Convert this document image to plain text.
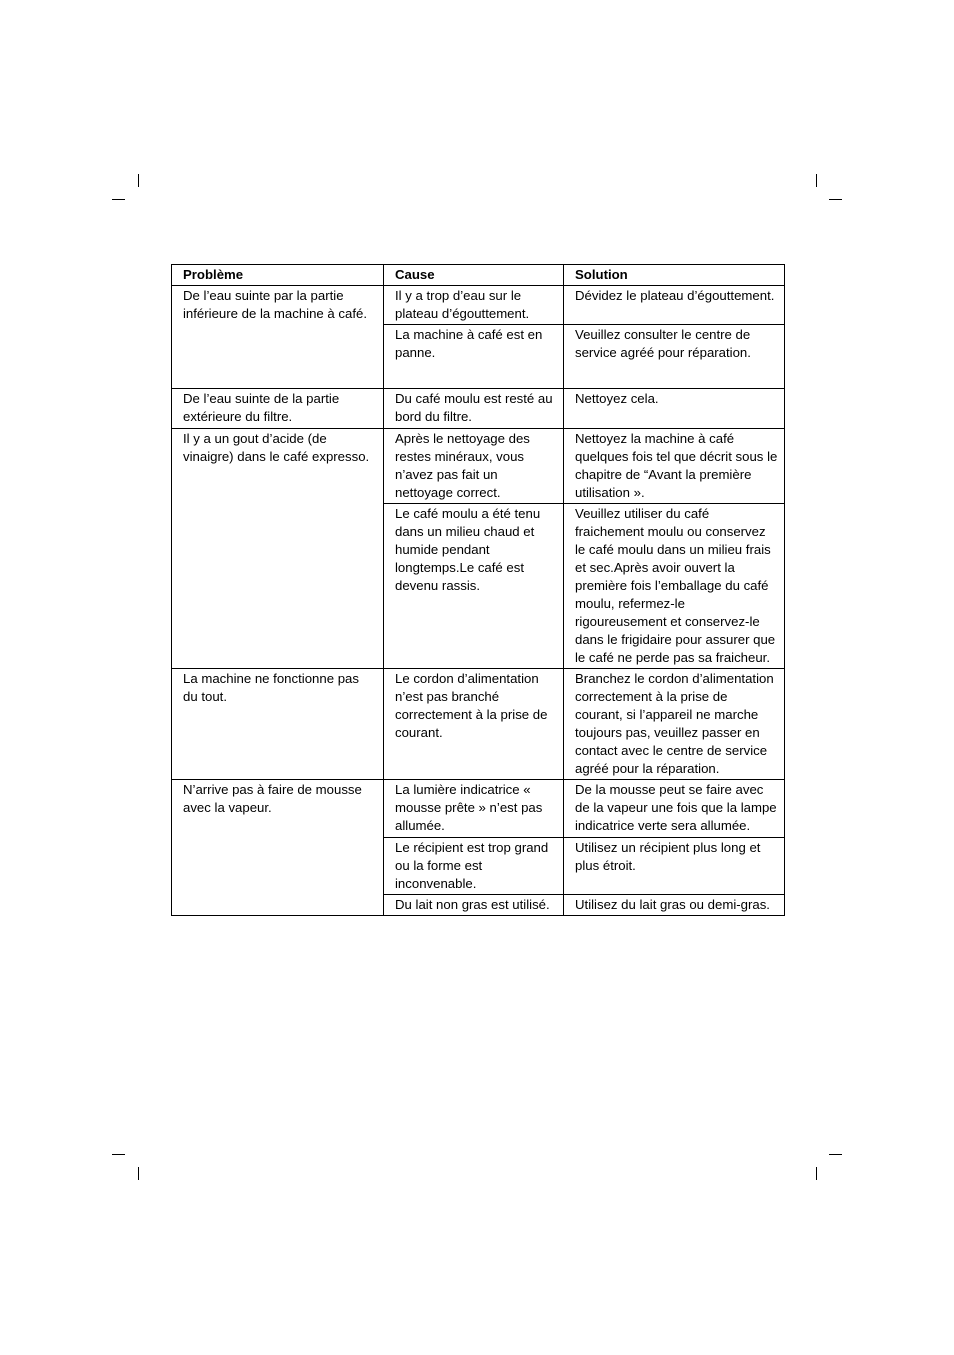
Problème	Cause	Solution
De l’eau suinte par la partie inférieure de la machine à café.	Il y a trop d’eau sur le plateau d’égouttement.	Dévidez le plateau d’égouttement.
	La machine à café est en panne.	Veuillez consulter le centre de service agréé pour réparation.
De l’eau suinte de la partie extérieure du filtre.	Du café moulu est resté au bord du filtre.	Nettoyez cela.
Il y a un gout d’acide (de vinaigre) dans le café expresso.	Après le nettoyage des restes minéraux, vous n’avez pas fait un nettoyage correct.	Nettoyez la machine à café quelques fois tel que décrit sous le chapitre de “Avant la première utilisation ».
	Le café moulu a été tenu dans un milieu chaud et humide pendant longtemps.Le café est devenu rassis.	Veuillez utiliser du café fraichement moulu ou conservez le café moulu dans un milieu frais et sec.Après avoir ouvert la première fois l’emballage du café moulu, refermez-le rigoureusement et conservez-le dans le frigidaire pour assurer que le café ne perde pas sa fraicheur.
La machine ne fonctionne pas du tout.	Le cordon d’alimentation n’est pas branché correctement à la prise de courant.	Branchez le cordon d’alimentation correctement à la prise de courant, si l’appareil ne marche toujours pas, veuillez passer en contact avec le centre de service agréé pour la réparation.
N’arrive pas à faire de mousse avec la vapeur.	La lumière indicatrice « mousse prête » n’est pas allumée.	De la mousse peut se faire avec de la vapeur une fois que la lampe indicatrice verte sera allumée.
	Le récipient est trop grand ou la forme est inconvenable.	Utilisez un récipient plus long et plus étroit.
	Du lait non gras est utilisé.	Utilisez du lait gras ou demi-gras.
